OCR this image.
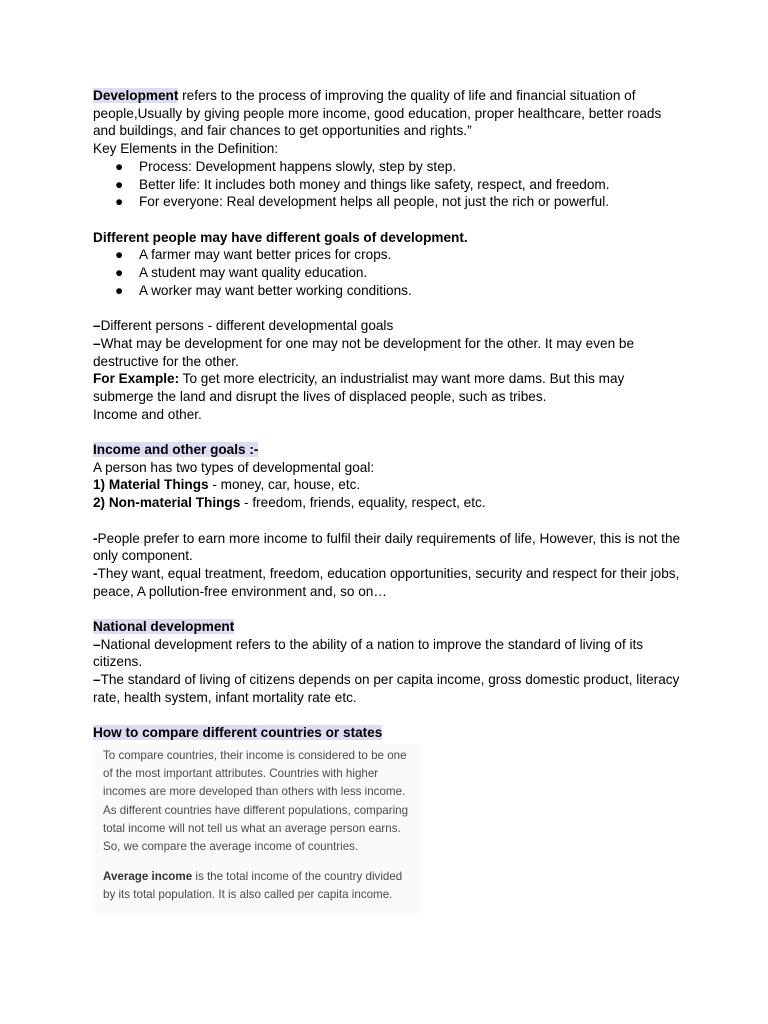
Development refers to the process of improving the quality of life and financial situation of people,Usually by giving people more income, good education, proper healthcare, better roads and buildings, and fair chances to get opportunities and rights.”

Key Elements in the Definition:

● Process: Development happens slowly, step by step.
● Better life: It includes both money and things like safety, respect, and freedom.
● For everyone: Real development helps all people, not just the rich or powerful.

Different people may have different goals of development.

● A farmer may want better prices for crops.
● A student may want quality education.
● A worker may want better working conditions.

–Different persons - different developmental goals

–What may be development for one may not be development for the other. It may even be destructive for the other.

For Example: To get more electricity, an industrialist may want more dams. But this may submerge the land and disrupt the lives of displaced people, such as tribes.

Income and other.

Income and other goals :-

A person has two types of developmental goal:

1) Material Things - money, car, house, etc.

2) Non-material Things - freedom, friends, equality, respect, etc.

-People prefer to earn more income to fulfil their daily requirements of life, However, this is not the only component.

-They want, equal treatment, freedom, education opportunities, security and respect for their jobs, peace, A pollution-free environment and, so on…

National development

–National development refers to the ability of a nation to improve the standard of living of its citizens.

–The standard of living of citizens depends on per capita income, gross domestic product, literacy rate, health system, infant mortality rate etc.

How to compare different countries or states

To compare countries, their income is considered to be one of the most important attributes. Countries with higher incomes are more developed than others with less income. As different countries have different populations, comparing total income will not tell us what an average person earns. So, we compare the average income of countries.

Average income is the total income of the country divided by its total population. It is also called per capita income.
